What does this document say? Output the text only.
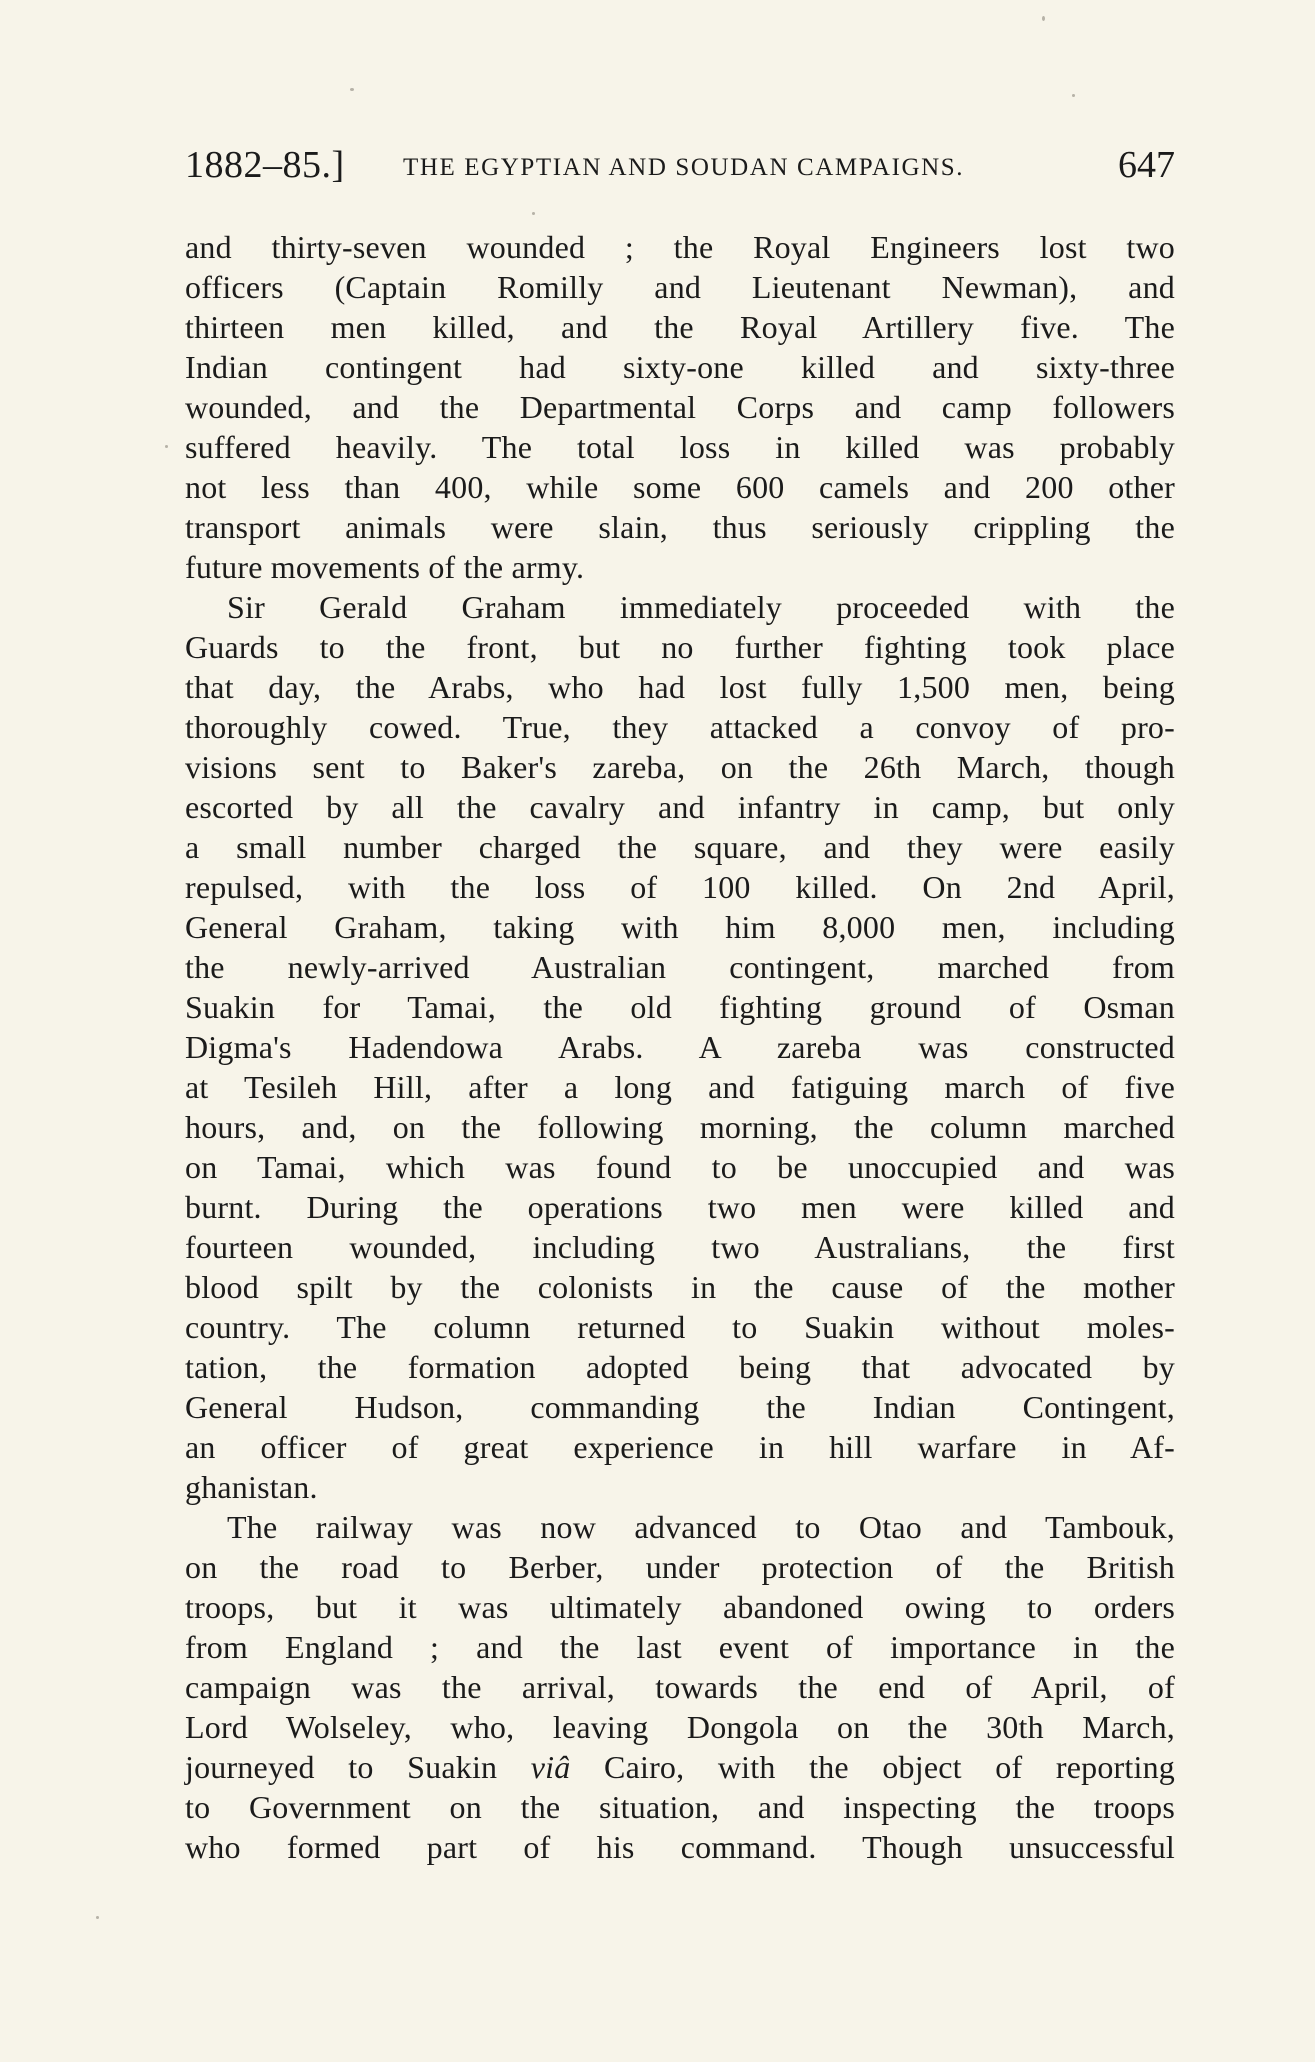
1882–85.] THE EGYPTIAN AND SOUDAN CAMPAIGNS.	647
and thirty-seven wounded ; the Royal Engineers lost two
officers (Captain Romilly and Lieutenant Newman), and
thirteen men killed, and the Royal Artillery five. The
Indian contingent had sixty-one killed and sixty-three
wounded, and the Departmental Corps and camp followers
suffered heavily. The total loss in killed was probably
not less than 400, while some 600 camels and 200 other
transport animals were slain, thus seriously crippling the
future movements of the army.
Sir Gerald Graham immediately proceeded with the
Guards to the front, but no further fighting took place
that day, the Arabs, who had lost fully 1,500 men, being
thoroughly cowed. True, they attacked a convoy of pro-
visions sent to Baker's zareba, on the 26th March, though
escorted by all the cavalry and infantry in camp, but only
a small number charged the square, and they were easily
repulsed, with the loss of 100 killed. On 2nd April,
General Graham, taking with him 8,000 men, including
the newly-arrived Australian contingent, marched from
Suakin for Tamai, the old fighting ground of Osman
Digma's Hadendowa Arabs. A zareba was constructed
at Tesileh Hill, after a long and fatiguing march of five
hours, and, on the following morning, the column marched
on Tamai, which was found to be unoccupied and was
burnt. During the operations two men were killed and
fourteen wounded, including two Australians, the first
blood spilt by the colonists in the cause of the mother
country. The column returned to Suakin without moles-
tation, the formation adopted being that advocated by
General Hudson, commanding the Indian Contingent,
an officer of great experience in hill warfare in Af-
ghanistan.
The railway was now advanced to Otao and Tambouk,
on the road to Berber, under protection of the British
troops, but it was ultimately abandoned owing to orders
from England ; and the last event of importance in the
campaign was the arrival, towards the end of April, of
Lord Wolseley, who, leaving Dongola on the 30th March,
journeyed to Suakin viâ Cairo, with the object of reporting
to Government on the situation, and inspecting the troops
who formed part of his command. Though unsuccessful
